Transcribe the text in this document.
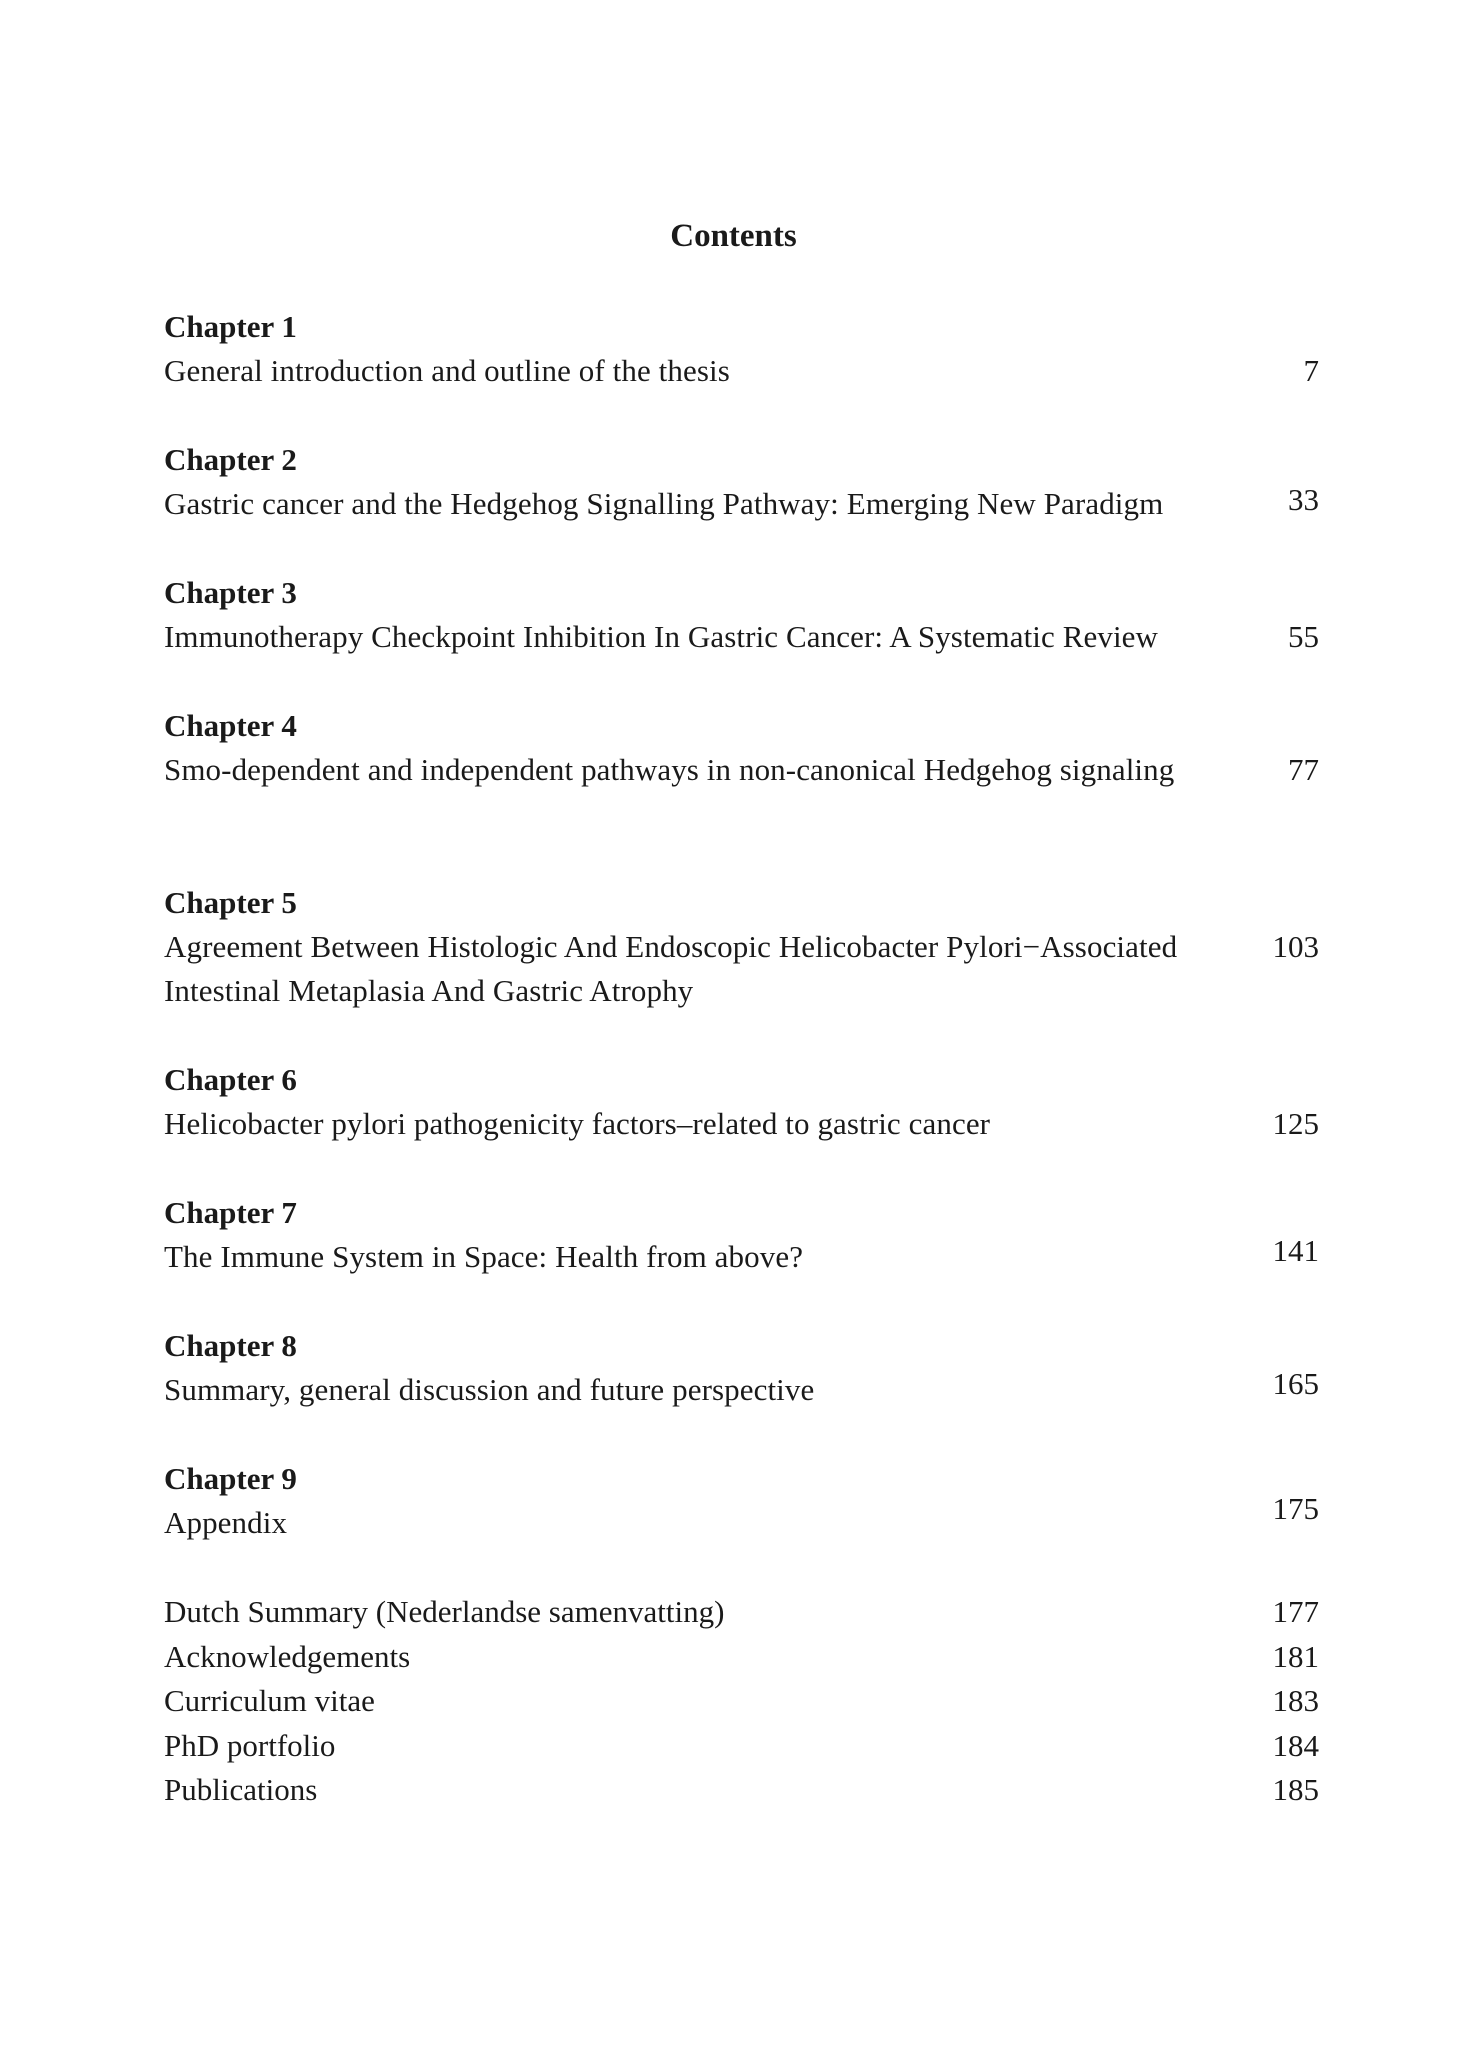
Contents
Chapter 1
General introduction and outline of the thesis	7
Chapter 2
Gastric cancer and the Hedgehog Signalling Pathway: Emerging New Paradigm	33
Chapter 3
Immunotherapy Checkpoint Inhibition In Gastric Cancer: A Systematic Review	55
Chapter 4
Smo-dependent and independent pathways in non-canonical Hedgehog signaling	77
Chapter 5
Agreement Between Histologic And Endoscopic Helicobacter Pylori−Associated	103
Intestinal Metaplasia And Gastric Atrophy
Chapter 6
Helicobacter pylori pathogenicity factors–related to gastric cancer	125
Chapter 7
The Immune System in Space: Health from above?	141
Chapter 8
Summary, general discussion and future perspective	165
Chapter 9
Appendix	175
Dutch Summary (Nederlandse samenvatting)	177
Acknowledgements	181
Curriculum vitae	183
PhD portfolio	184
Publications	185
